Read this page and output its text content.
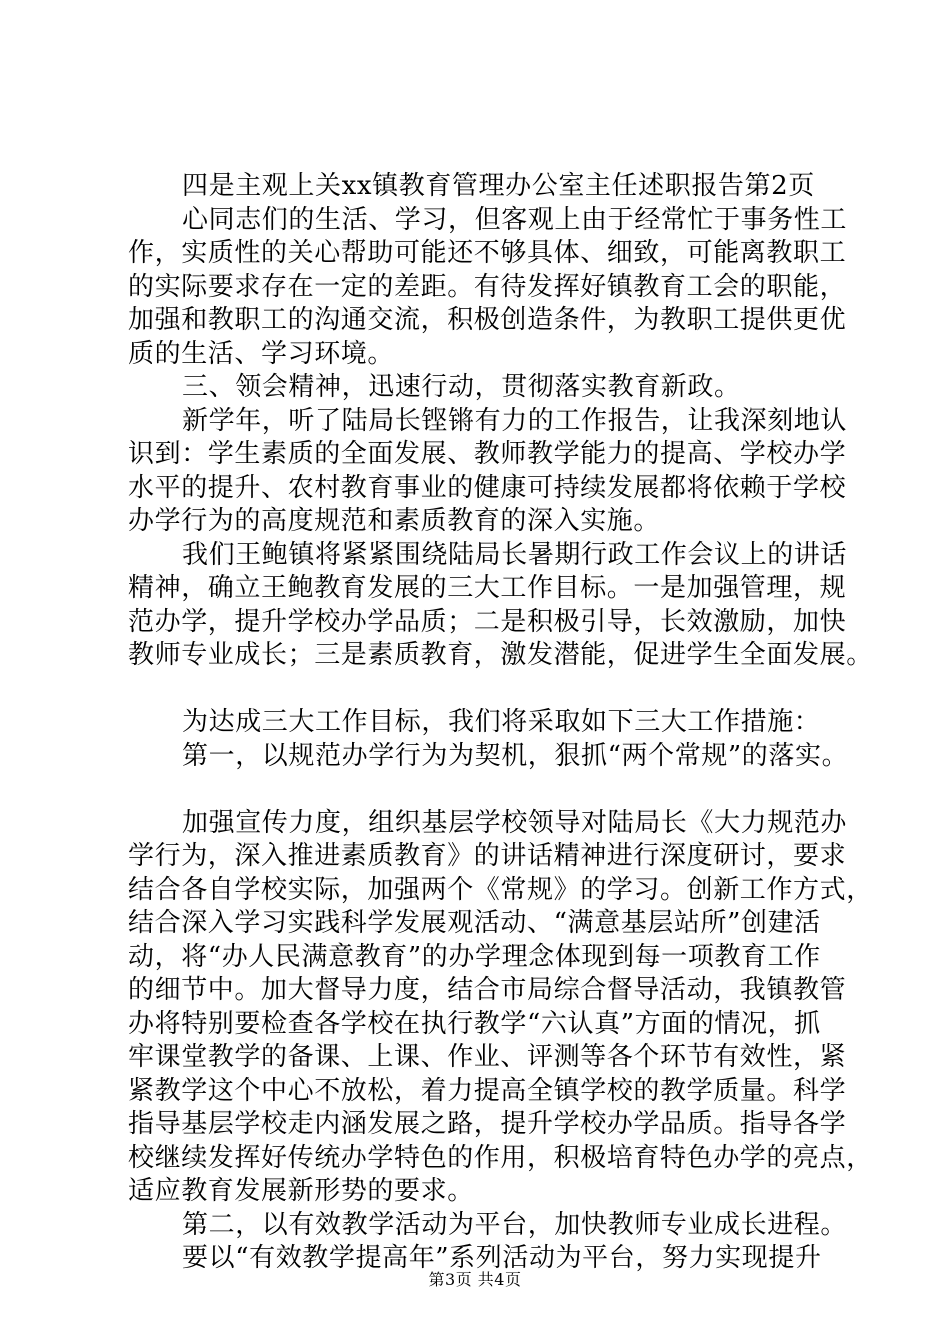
四是主观上关xx镇教育管理办公室主任述职报告第2页
心同志们的生活、学习，但客观上由于经常忙于事务性工
作，实质性的关心帮助可能还不够具体、细致，可能离教职工
的实际要求存在一定的差距。有待发挥好镇教育工会的职能，
加强和教职工的沟通交流，积极创造条件，为教职工提供更优
质的生活、学习环境。
三、领会精神，迅速行动，贯彻落实教育新政。
新学年，听了陆局长铿锵有力的工作报告，让我深刻地认
识到：学生素质的全面发展、教师教学能力的提高、学校办学
水平的提升、农村教育事业的健康可持续发展都将依赖于学校
办学行为的高度规范和素质教育的深入实施。
我们王鲍镇将紧紧围绕陆局长暑期行政工作会议上的讲话
精神，确立王鲍教育发展的三大工作目标。一是加强管理，规
范办学，提升学校办学品质；二是积极引导，长效激励，加快
教师专业成长；三是素质教育，激发潜能，促进学生全面发展。
为达成三大工作目标，我们将采取如下三大工作措施：
第一，以规范办学行为为契机，狠抓“两个常规”的落实。
加强宣传力度，组织基层学校领导对陆局长《大力规范办
学行为，深入推进素质教育》的讲话精神进行深度研讨，要求
结合各自学校实际，加强两个《常规》的学习。创新工作方式，
结合深入学习实践科学发展观活动、“满意基层站所”创建活
动，将“办人民满意教育”的办学理念体现到每一项教育工作
的细节中。加大督导力度，结合市局综合督导活动，我镇教管
办将特别要检查各学校在执行教学“六认真”方面的情况，抓
牢课堂教学的备课、上课、作业、评测等各个环节有效性，紧
紧教学这个中心不放松，着力提高全镇学校的教学质量。科学
指导基层学校走内涵发展之路，提升学校办学品质。指导各学
校继续发挥好传统办学特色的作用，积极培育特色办学的亮点，
适应教育发展新形势的要求。
第二，以有效教学活动为平台，加快教师专业成长进程。
要以“有效教学提高年”系列活动为平台，努力实现提升
第3页 共4页
